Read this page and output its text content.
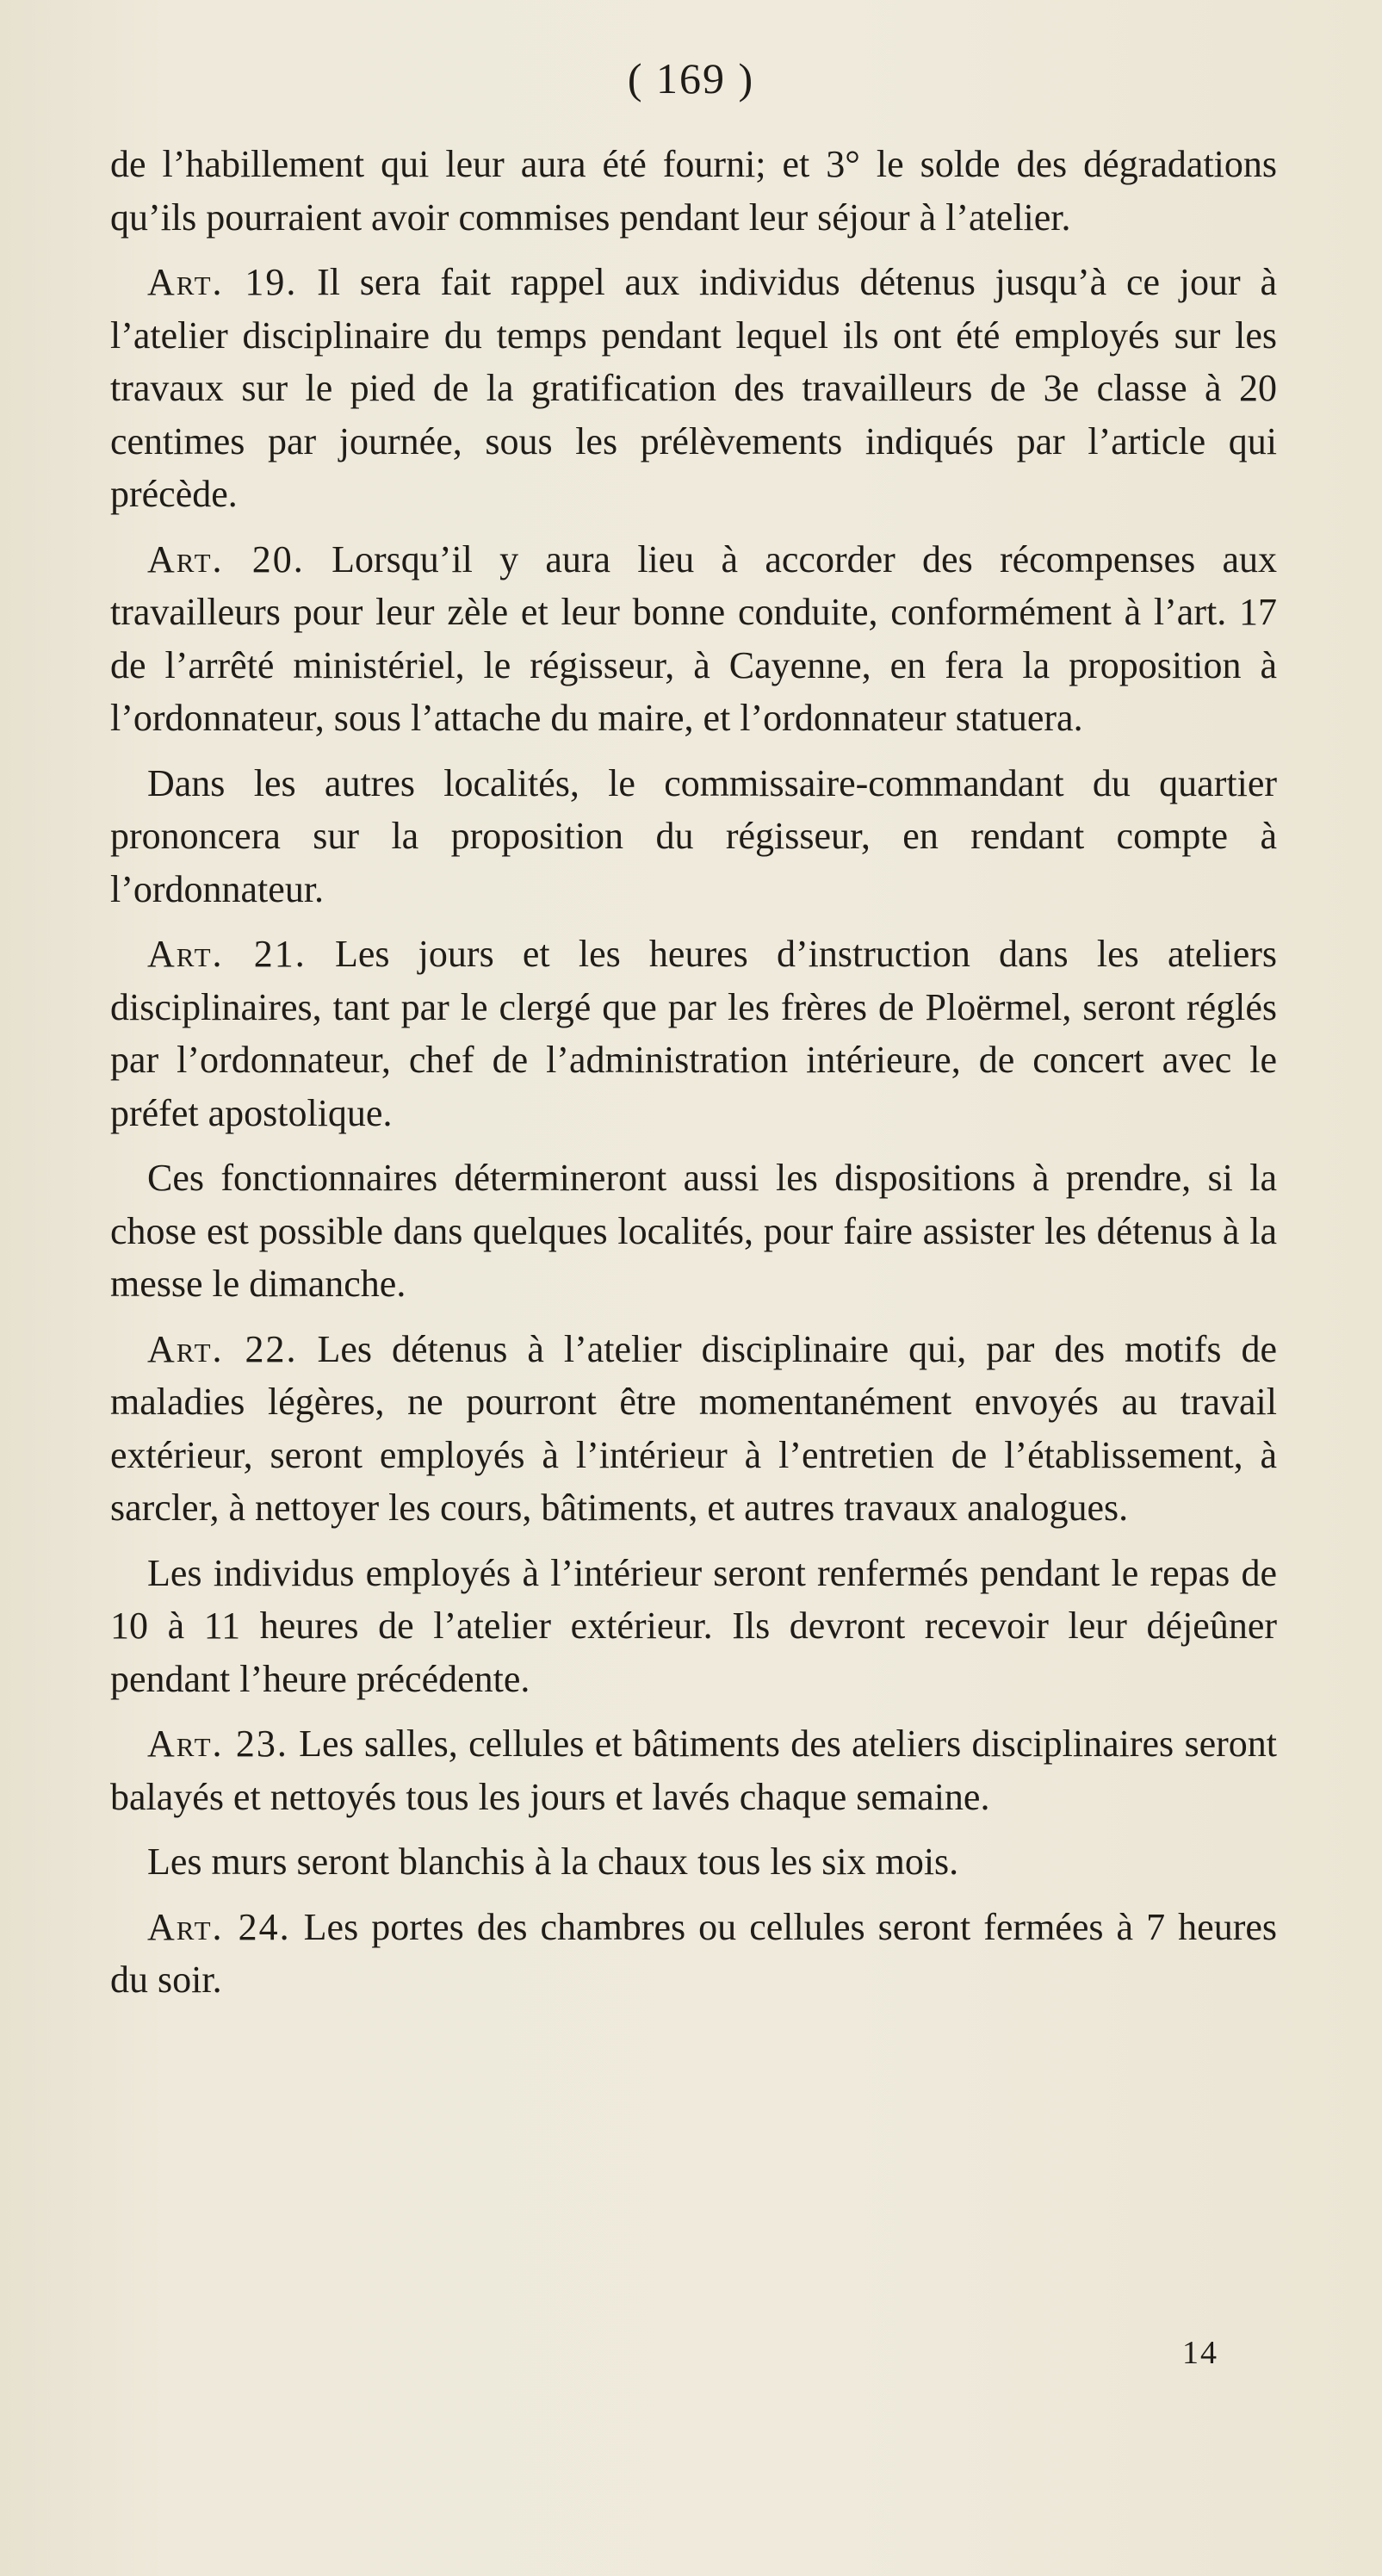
( 169 )

de l’habillement qui leur aura été fourni; et 3° le solde des dégradations qu’ils pourraient avoir commises pendant leur séjour à l’atelier.

Art. 19. Il sera fait rappel aux individus détenus jusqu’à ce jour à l’atelier disciplinaire du temps pendant lequel ils ont été employés sur les travaux sur le pied de la gratification des travailleurs de 3e classe à 20 centimes par journée, sous les prélèvements indiqués par l’article qui précède.

Art. 20. Lorsqu’il y aura lieu à accorder des récompenses aux travailleurs pour leur zèle et leur bonne conduite, conformément à l’art. 17 de l’arrêté ministériel, le régisseur, à Cayenne, en fera la proposition à l’ordonnateur, sous l’attache du maire, et l’ordonnateur statuera.

Dans les autres localités, le commissaire-commandant du quartier prononcera sur la proposition du régisseur, en rendant compte à l’ordonnateur.

Art. 21. Les jours et les heures d’instruction dans les ateliers disciplinaires, tant par le clergé que par les frères de Ploërmel, seront réglés par l’ordonnateur, chef de l’administration intérieure, de concert avec le préfet apostolique.

Ces fonctionnaires détermineront aussi les dispositions à prendre, si la chose est possible dans quelques localités, pour faire assister les détenus à la messe le dimanche.

Art. 22. Les détenus à l’atelier disciplinaire qui, par des motifs de maladies légères, ne pourront être momentanément envoyés au travail extérieur, seront employés à l’intérieur à l’entretien de l’établissement, à sarcler, à nettoyer les cours, bâtiments, et autres travaux analogues.

Les individus employés à l’intérieur seront renfermés pendant le repas de 10 à 11 heures de l’atelier extérieur. Ils devront recevoir leur déjeûner pendant l’heure précédente.

Art. 23. Les salles, cellules et bâtiments des ateliers disciplinaires seront balayés et nettoyés tous les jours et lavés chaque semaine.

Les murs seront blanchis à la chaux tous les six mois.

Art. 24. Les portes des chambres ou cellules seront fermées à 7 heures du soir.

14
